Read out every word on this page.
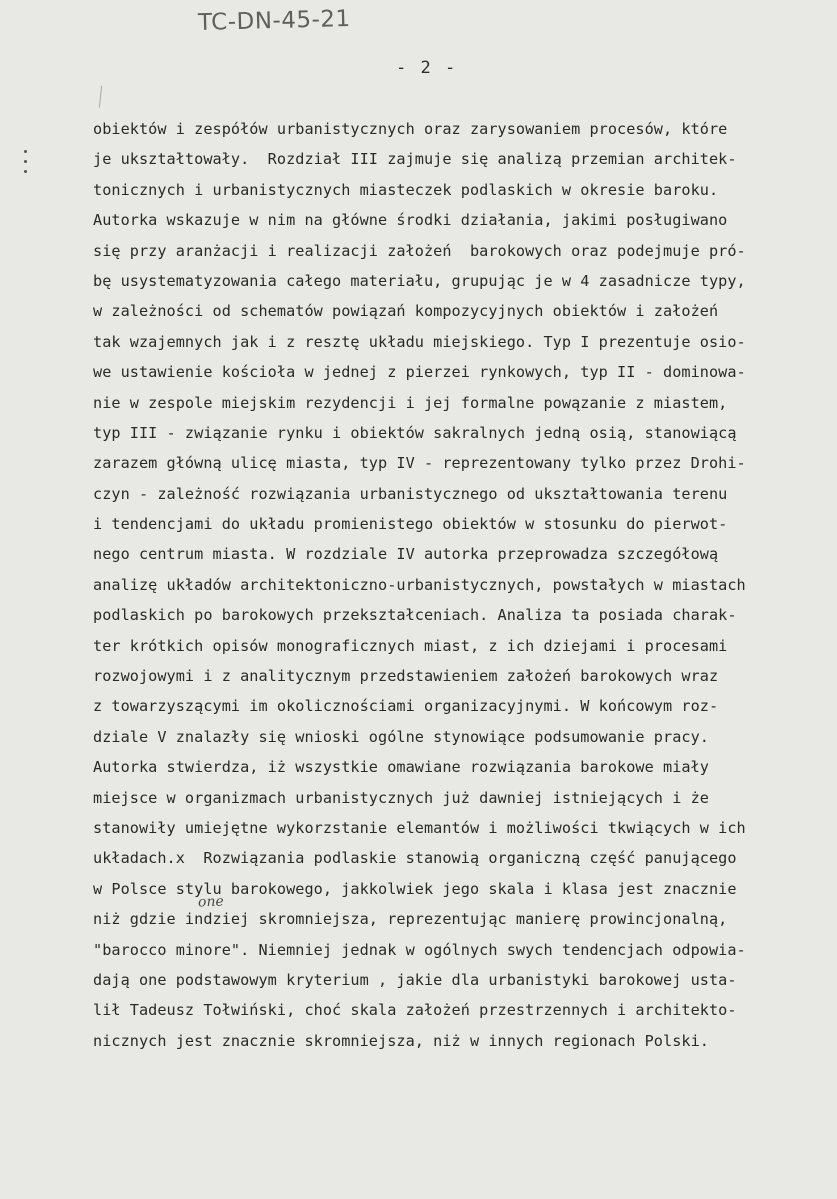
TC-DN-45-21
- 2 -
one
obiektów i zespółów urbanistycznych oraz zarysowaniem procesów, które
je ukształtowały.  Rozdział III zajmuje się analizą przemian architek-
tonicznych i urbanistycznych miasteczek podlaskich w okresie baroku.
Autorka wskazuje w nim na główne środki działania, jakimi posługiwano
się przy aranżacji i realizacji założeń  barokowych oraz podejmuje pró-
bę usystematyzowania całego materiału, grupując je w 4 zasadnicze typy,
w zależności od schematów powiązań kompozycyjnych obiektów i założeń
tak wzajemnych jak i z resztę układu miejskiego. Typ I prezentuje osio-
we ustawienie kościoła w jednej z pierzei rynkowych, typ II - dominowa-
nie w zespole miejskim rezydencji i jej formalne powązanie z miastem,
typ III - związanie rynku i obiektów sakralnych jedną osią, stanowiącą
zarazem główną ulicę miasta, typ IV - reprezentowany tylko przez Drohi-
czyn - zależność rozwiązania urbanistycznego od ukształtowania terenu
i tendencjami do układu promienistego obiektów w stosunku do pierwot-
nego centrum miasta. W rozdziale IV autorka przeprowadza szczegółową
analizę układów architektoniczno-urbanistycznych, powstałych w miastach
podlaskich po barokowych przekształceniach. Analiza ta posiada charak-
ter krótkich opisów monograficznych miast, z ich dziejami i procesami
rozwojowymi i z analitycznym przedstawieniem założeń barokowych wraz
z towarzyszącymi im okolicznościami organizacyjnymi. W końcowym roz-
dziale V znalazły się wnioski ogólne stynowiące podsumowanie pracy.
Autorka stwierdza, iż wszystkie omawiane rozwiązania barokowe miały
miejsce w organizmach urbanistycznych już dawniej istniejących i że
stanowiły umiejętne wykorzstanie elemantów i możliwości tkwiących w ich
układach.x  Rozwiązania podlaskie stanowią organiczną część panującego
w Polsce stylu barokowego, jakkolwiek jego skala i klasa jest znacznie
niż gdzie indziej skromniejsza, reprezentując manierę prowincjonalną,
"barocco minore". Niemniej jednak w ogólnych swych tendencjach odpowia-
dają one podstawowym kryterium , jakie dla urbanistyki barokowej usta-
lił Tadeusz Tołwiński, choć skala założeń przestrzennych i architekto-
nicznych jest znacznie skromniejsza, niż w innych regionach Polski.
